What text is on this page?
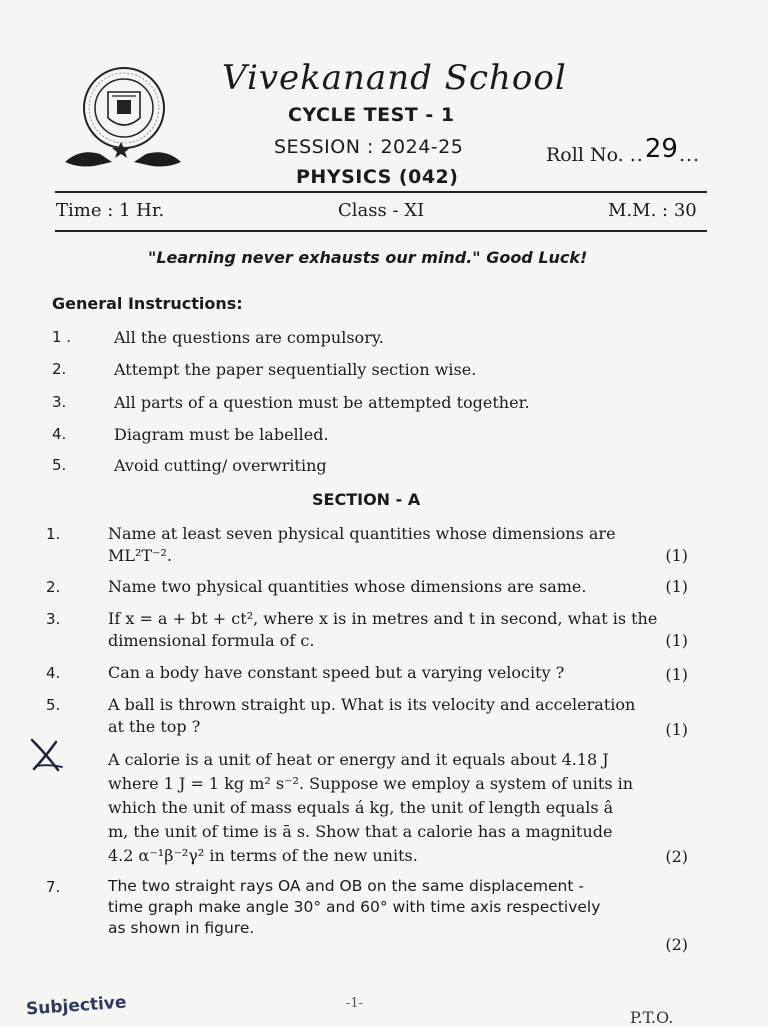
Vivekanand School
CYCLE TEST - 1
SESSION : 2024-25	Roll No. ..29...
PHYSICS (042)
Time : 1 Hr.	Class - XI	M.M. : 30
"Learning never exhausts our mind." Good Luck!
General Instructions:
1 .	All the questions are compulsory.
2.	Attempt the paper sequentially section wise.
3.	All parts of a question must be attempted together.
4.	Diagram must be labelled.
5.	Avoid cutting/ overwriting
SECTION - A
1.	Name at least seven physical quantities whose dimensions are
ML²T⁻².	(1)
2.	Name two physical quantities whose dimensions are same.	(1)
3.	If x = a + bt + ct², where x is in metres and t in second, what is the
dimensional formula of c.	(1)
4.	Can a body have constant speed but a varying velocity ?	(1)
5.	A ball is thrown straight up. What is its velocity and acceleration
at the top ?	(1)
A calorie is a unit of heat or energy and it equals about 4.18 J
where 1 J = 1 kg m² s⁻². Suppose we employ a system of units in
which the unit of mass equals á kg, the unit of length equals â
m, the unit of time is ā s. Show that a calorie has a magnitude
4.2 α⁻¹β⁻²γ² in terms of the new units.	(2)
7.	The two straight rays OA and OB on the same displacement -
time graph make angle 30° and 60° with time axis respectively
as shown in figure.
(2)
Subjective	-1-
P.T.O.
